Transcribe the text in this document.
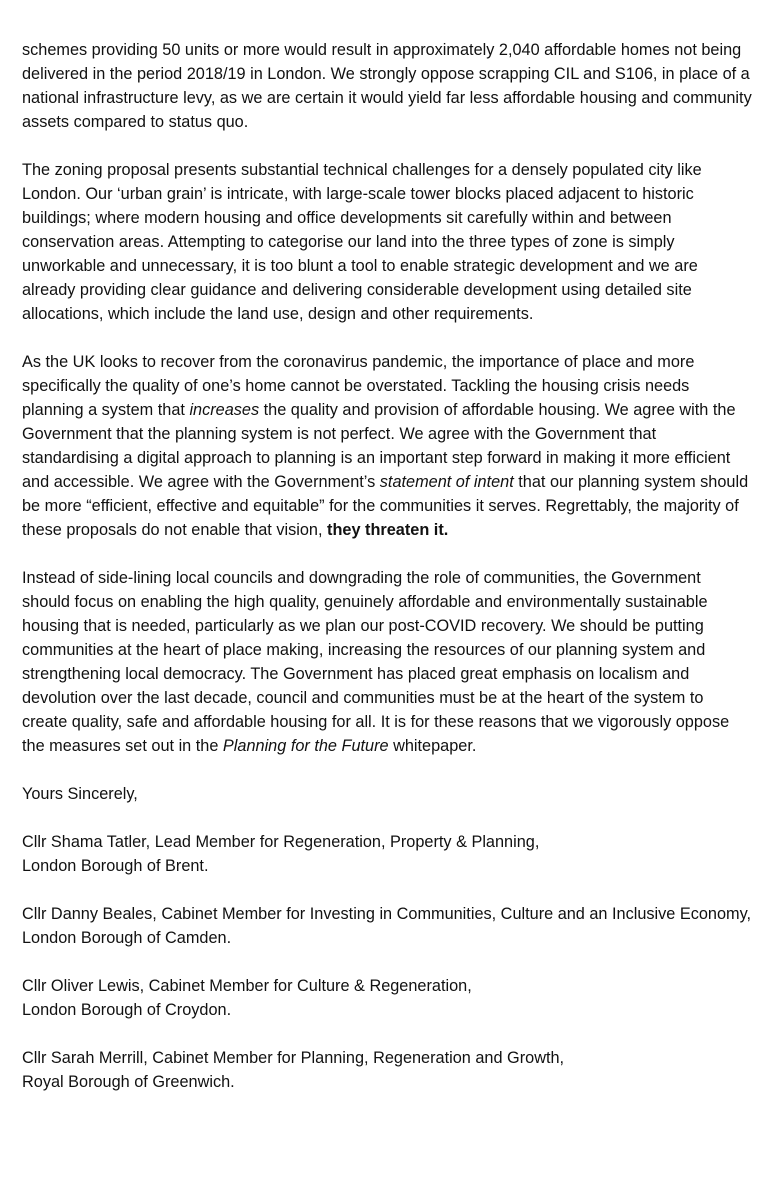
schemes providing 50 units or more would result in approximately 2,040 affordable homes not being delivered in the period 2018/19 in London. We strongly oppose scrapping CIL and S106, in place of a national infrastructure levy, as we are certain it would yield far less affordable housing and community assets compared to status quo.

The zoning proposal presents substantial technical challenges for a densely populated city like London. Our ‘urban grain’ is intricate, with large-scale tower blocks placed adjacent to historic buildings; where modern housing and office developments sit carefully within and between conservation areas. Attempting to categorise our land into the three types of zone is simply unworkable and unnecessary, it is too blunt a tool to enable strategic development and we are already providing clear guidance and delivering considerable development using detailed site allocations, which include the land use, design and other requirements.

As the UK looks to recover from the coronavirus pandemic, the importance of place and more specifically the quality of one’s home cannot be overstated. Tackling the housing crisis needs planning a system that increases the quality and provision of affordable housing. We agree with the Government that the planning system is not perfect. We agree with the Government that standardising a digital approach to planning is an important step forward in making it more efficient and accessible. We agree with the Government’s statement of intent that our planning system should be more “efficient, effective and equitable” for the communities it serves. Regrettably, the majority of these proposals do not enable that vision, they threaten it.

Instead of side-lining local councils and downgrading the role of communities, the Government should focus on enabling the high quality, genuinely affordable and environmentally sustainable housing that is needed, particularly as we plan our post-COVID recovery. We should be putting communities at the heart of place making, increasing the resources of our planning system and strengthening local democracy. The Government has placed great emphasis on localism and devolution over the last decade, council and communities must be at the heart of the system to create quality, safe and affordable housing for all. It is for these reasons that we vigorously oppose the measures set out in the Planning for the Future whitepaper.

Yours Sincerely,

Cllr Shama Tatler, Lead Member for Regeneration, Property & Planning,
London Borough of Brent.

Cllr Danny Beales, Cabinet Member for Investing in Communities, Culture and an Inclusive Economy,
London Borough of Camden.

Cllr Oliver Lewis, Cabinet Member for Culture & Regeneration,
London Borough of Croydon.

Cllr Sarah Merrill, Cabinet Member for Planning, Regeneration and Growth,
Royal Borough of Greenwich.
